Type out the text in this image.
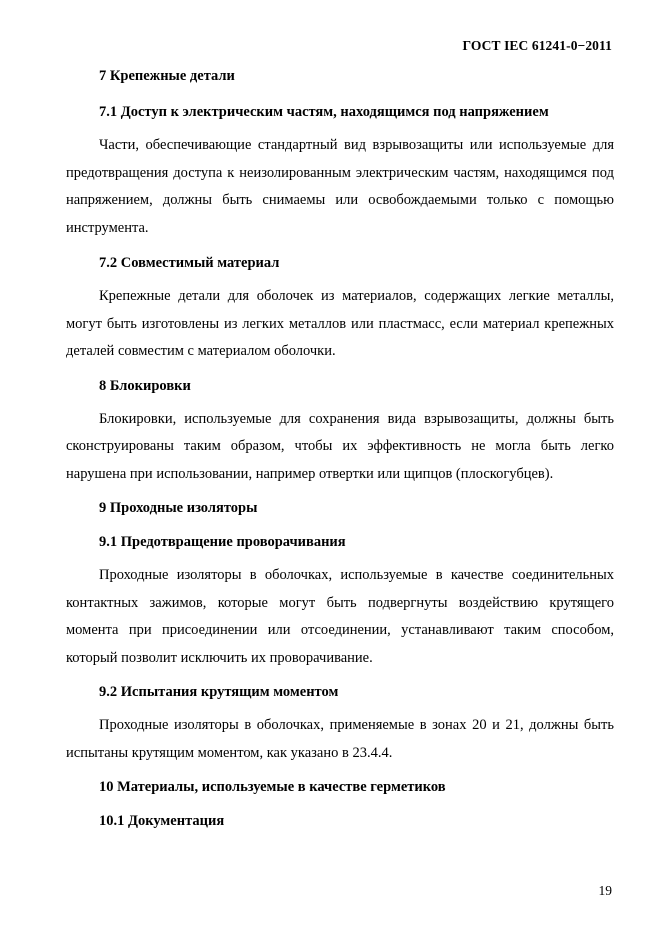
ГОСТ IEC 61241-0−2011

7 Крепежные детали

7.1 Доступ к электрическим частям, находящимся под напряжением

Части, обеспечивающие стандартный вид взрывозащиты или используемые для предотвращения доступа к неизолированным электрическим частям, находящимся под напряжением, должны быть снимаемы или освобождаемыми только с помощью инструмента.

7.2 Совместимый материал

Крепежные детали для оболочек из материалов, содержащих легкие металлы, могут быть изготовлены из легких металлов или пластмасс, если материал крепежных деталей совместим с материалом оболочки.

8 Блокировки

Блокировки, используемые для сохранения вида взрывозащиты, должны быть сконструированы таким образом, чтобы их эффективность не могла быть легко нарушена при использовании, например отвертки или щипцов (плоскогубцев).

9 Проходные изоляторы

9.1 Предотвращение проворачивания

Проходные изоляторы в оболочках, используемые в качестве соединительных контактных зажимов, которые могут быть подвергнуты воздействию крутящего момента при присоединении или отсоединении, устанавливают таким способом, который позволит исключить их проворачивание.

9.2 Испытания крутящим моментом

Проходные изоляторы в оболочках, применяемые в зонах 20 и 21, должны быть испытаны крутящим моментом, как указано в 23.4.4.

10 Материалы, используемые в качестве герметиков

10.1 Документация

19
